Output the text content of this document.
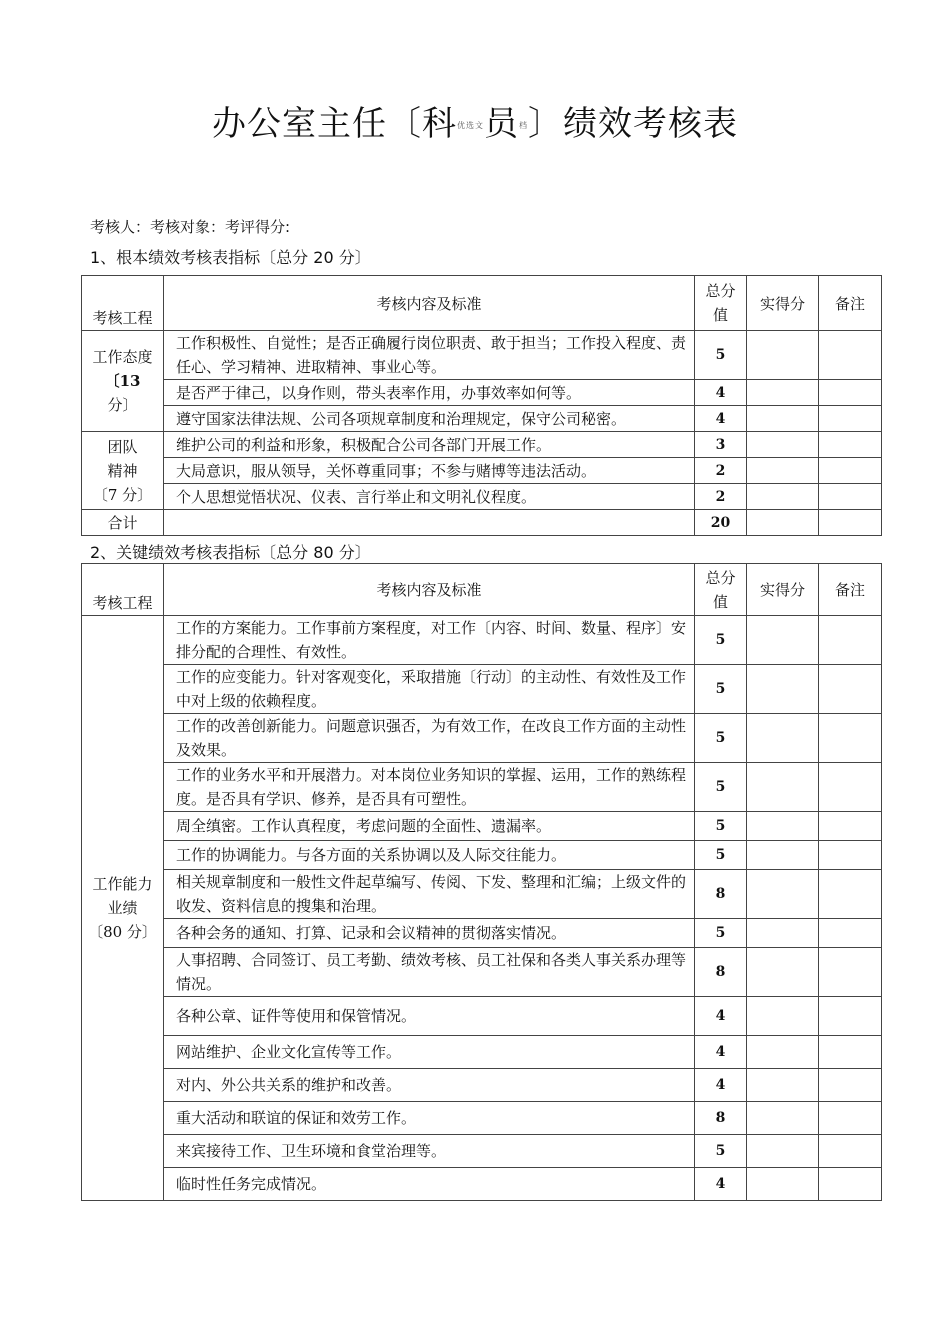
办公室主任〔科优选文员档〕绩效考核表
考核人：考核对象：考评得分:
1、根本绩效考核表指标〔总分 20 分〕
考核工程	考核内容及标准	总分
值	实得分	备注

工作态度
〔13
分〕	工作积极性、自觉性；是否正确履行岗位职责、敢于担当；工作投入程度、责任心、学习精神、进取精神、事业心等。	5		
	是否严于律己，以身作则，带头表率作用，办事效率如何等。	4		
	遵守国家法律法规、公司各项规章制度和治理规定，保守公司秘密。	4		

团队
精神
〔7 分〕	维护公司的利益和形象，积极配合公司各部门开展工作。	3		
	大局意识，服从领导，关怀尊重同事；不参与赌博等违法活动。	2		
	个人思想觉悟状况、仪表、言行举止和文明礼仪程度。	2		
合计		20		
2、关键绩效考核表指标〔总分 80 分〕
考核工程	考核内容及标准	总分
值	实得分	备注

工作能力
业绩
〔80 分〕	工作的方案能力。工作事前方案程度，对工作〔内容、时间、数量、程序〕安排分配的合理性、有效性。	5		
	工作的应变能力。针对客观变化，釆取措施〔行动〕的主动性、有效性及工作中对上级的依赖程度。	5		
	工作的改善创新能力。问题意识强否，为有效工作，在改良工作方面的主动性及效果。	5		
	工作的业务水平和开展潜力。对本岗位业务知识的掌握、运用，工作的熟练程度。是否具有学识、修养，是否具有可塑性。	5		
	周全缜密。工作认真程度，考虑问题的全面性、遗漏率。	5		
	工作的协调能力。与各方面的关系协调以及人际交往能力。	5		
	相关规章制度和一般性文件起草编写、传阅、下发、整理和汇编；上级文件的收发、资料信息的搜集和治理。	8		
	各种会务的通知、打算、记录和会议精神的贯彻落实情况。	5		
	人事招聘、合同签订、员工考勤、绩效考核、员工社保和各类人事关系办理等情况。	8		
	各种公章、证件等使用和保管情况。	4		
	网站维护、企业文化宣传等工作。	4		
	对内、外公共关系的维护和改善。	4		
	重大活动和联谊的保证和效劳工作。	8		
	来宾接待工作、卫生环境和食堂治理等。	5		
	临时性任务完成情况。	4		
